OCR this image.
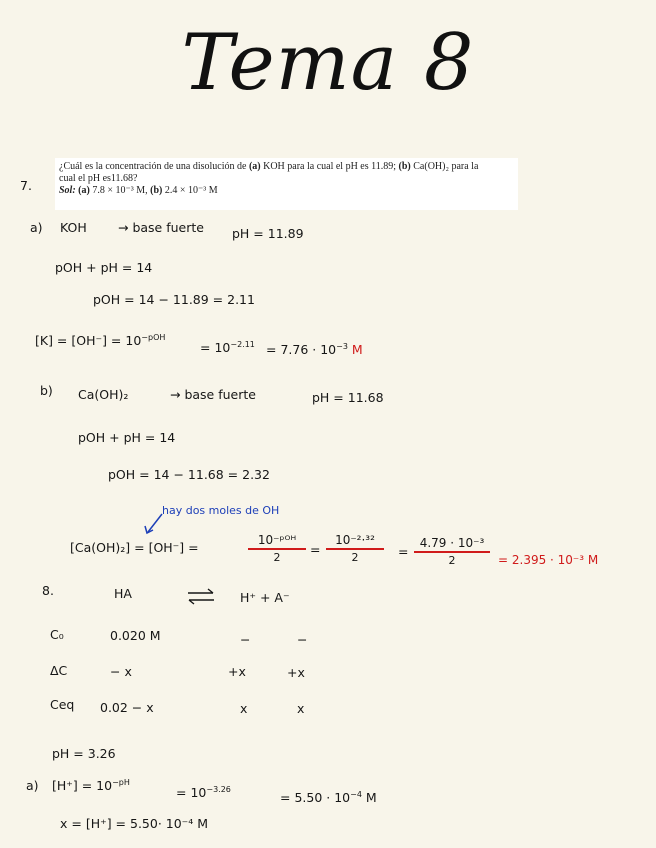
Tema 8
7.
¿Cuál es la concentración de una disolución de (a) KOH para la cual el pH es 11.89; (b) Ca(OH)₂ para la
cual el pH es11.68?
Sol: (a) 7.8 × 10⁻³ M, (b) 2.4 × 10⁻³ M
a) KOH → base fuerte pH = 11.89
pOH + pH = 14
pOH = 14 − 11.89 = 2.11
$[K] = [OH^-] = 10^{-pOH}$
= $10^{-2.11} = 7.76 \cdot 10^{-3}$ M
b) Ca(OH)₂	→ base fuerte	pH = 11.68
pOH + pH = 14
pOH = 14 − 11.68 = 2.32
hay dos moles de OH
[Ca(OH)₂] = [OH⁻] =	10⁻ᵖᴼᴴ
2	=
10⁻²·³²
2	=
4.79 · 10⁻³
2	= 2.395 · 10⁻³ M
8.	HA	⇌ H⁺ + A⁻
C₀	0.020 M	−	−
ΔC	− x	+x	+x
Ceq 0.02 − x	x	x
pH = 3.26
a) $[H^+] = 10^{-pH}$
= $10^{-3.26}$
= $5.50 \cdot 10^{-4}$ M
x = [H⁺] = 5.50· 10⁻⁴ M
